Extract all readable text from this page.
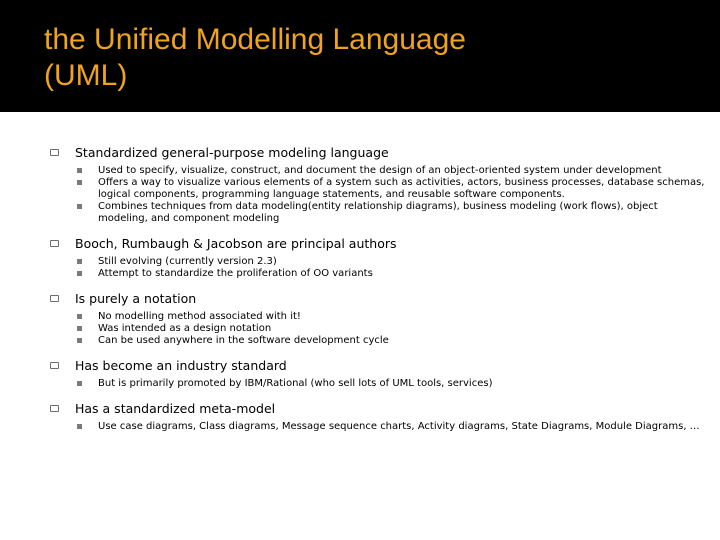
the Unified Modelling Language
(UML)

Standardized general-purpose modeling language

Used to specify, visualize, construct, and document the design of an object-oriented system under development
Offers a way to visualize various elements of a system such as activities, actors, business processes, database schemas, logical components, programming language statements, and reusable software components.
Combines techniques from data modeling(entity relationship diagrams), business modeling (work flows), object modeling, and component modeling

Booch, Rumbaugh & Jacobson are principal authors

Still evolving (currently version 2.3)
Attempt to standardize the proliferation of OO variants

Is purely a notation

No modelling method associated with it!
Was intended as a design notation
Can be used anywhere in the software development cycle

Has become an industry standard

But is primarily promoted by IBM/Rational (who sell lots of UML tools, services)

Has a standardized meta-model

Use case diagrams, Class diagrams, Message sequence charts, Activity diagrams, State Diagrams, Module Diagrams, …
